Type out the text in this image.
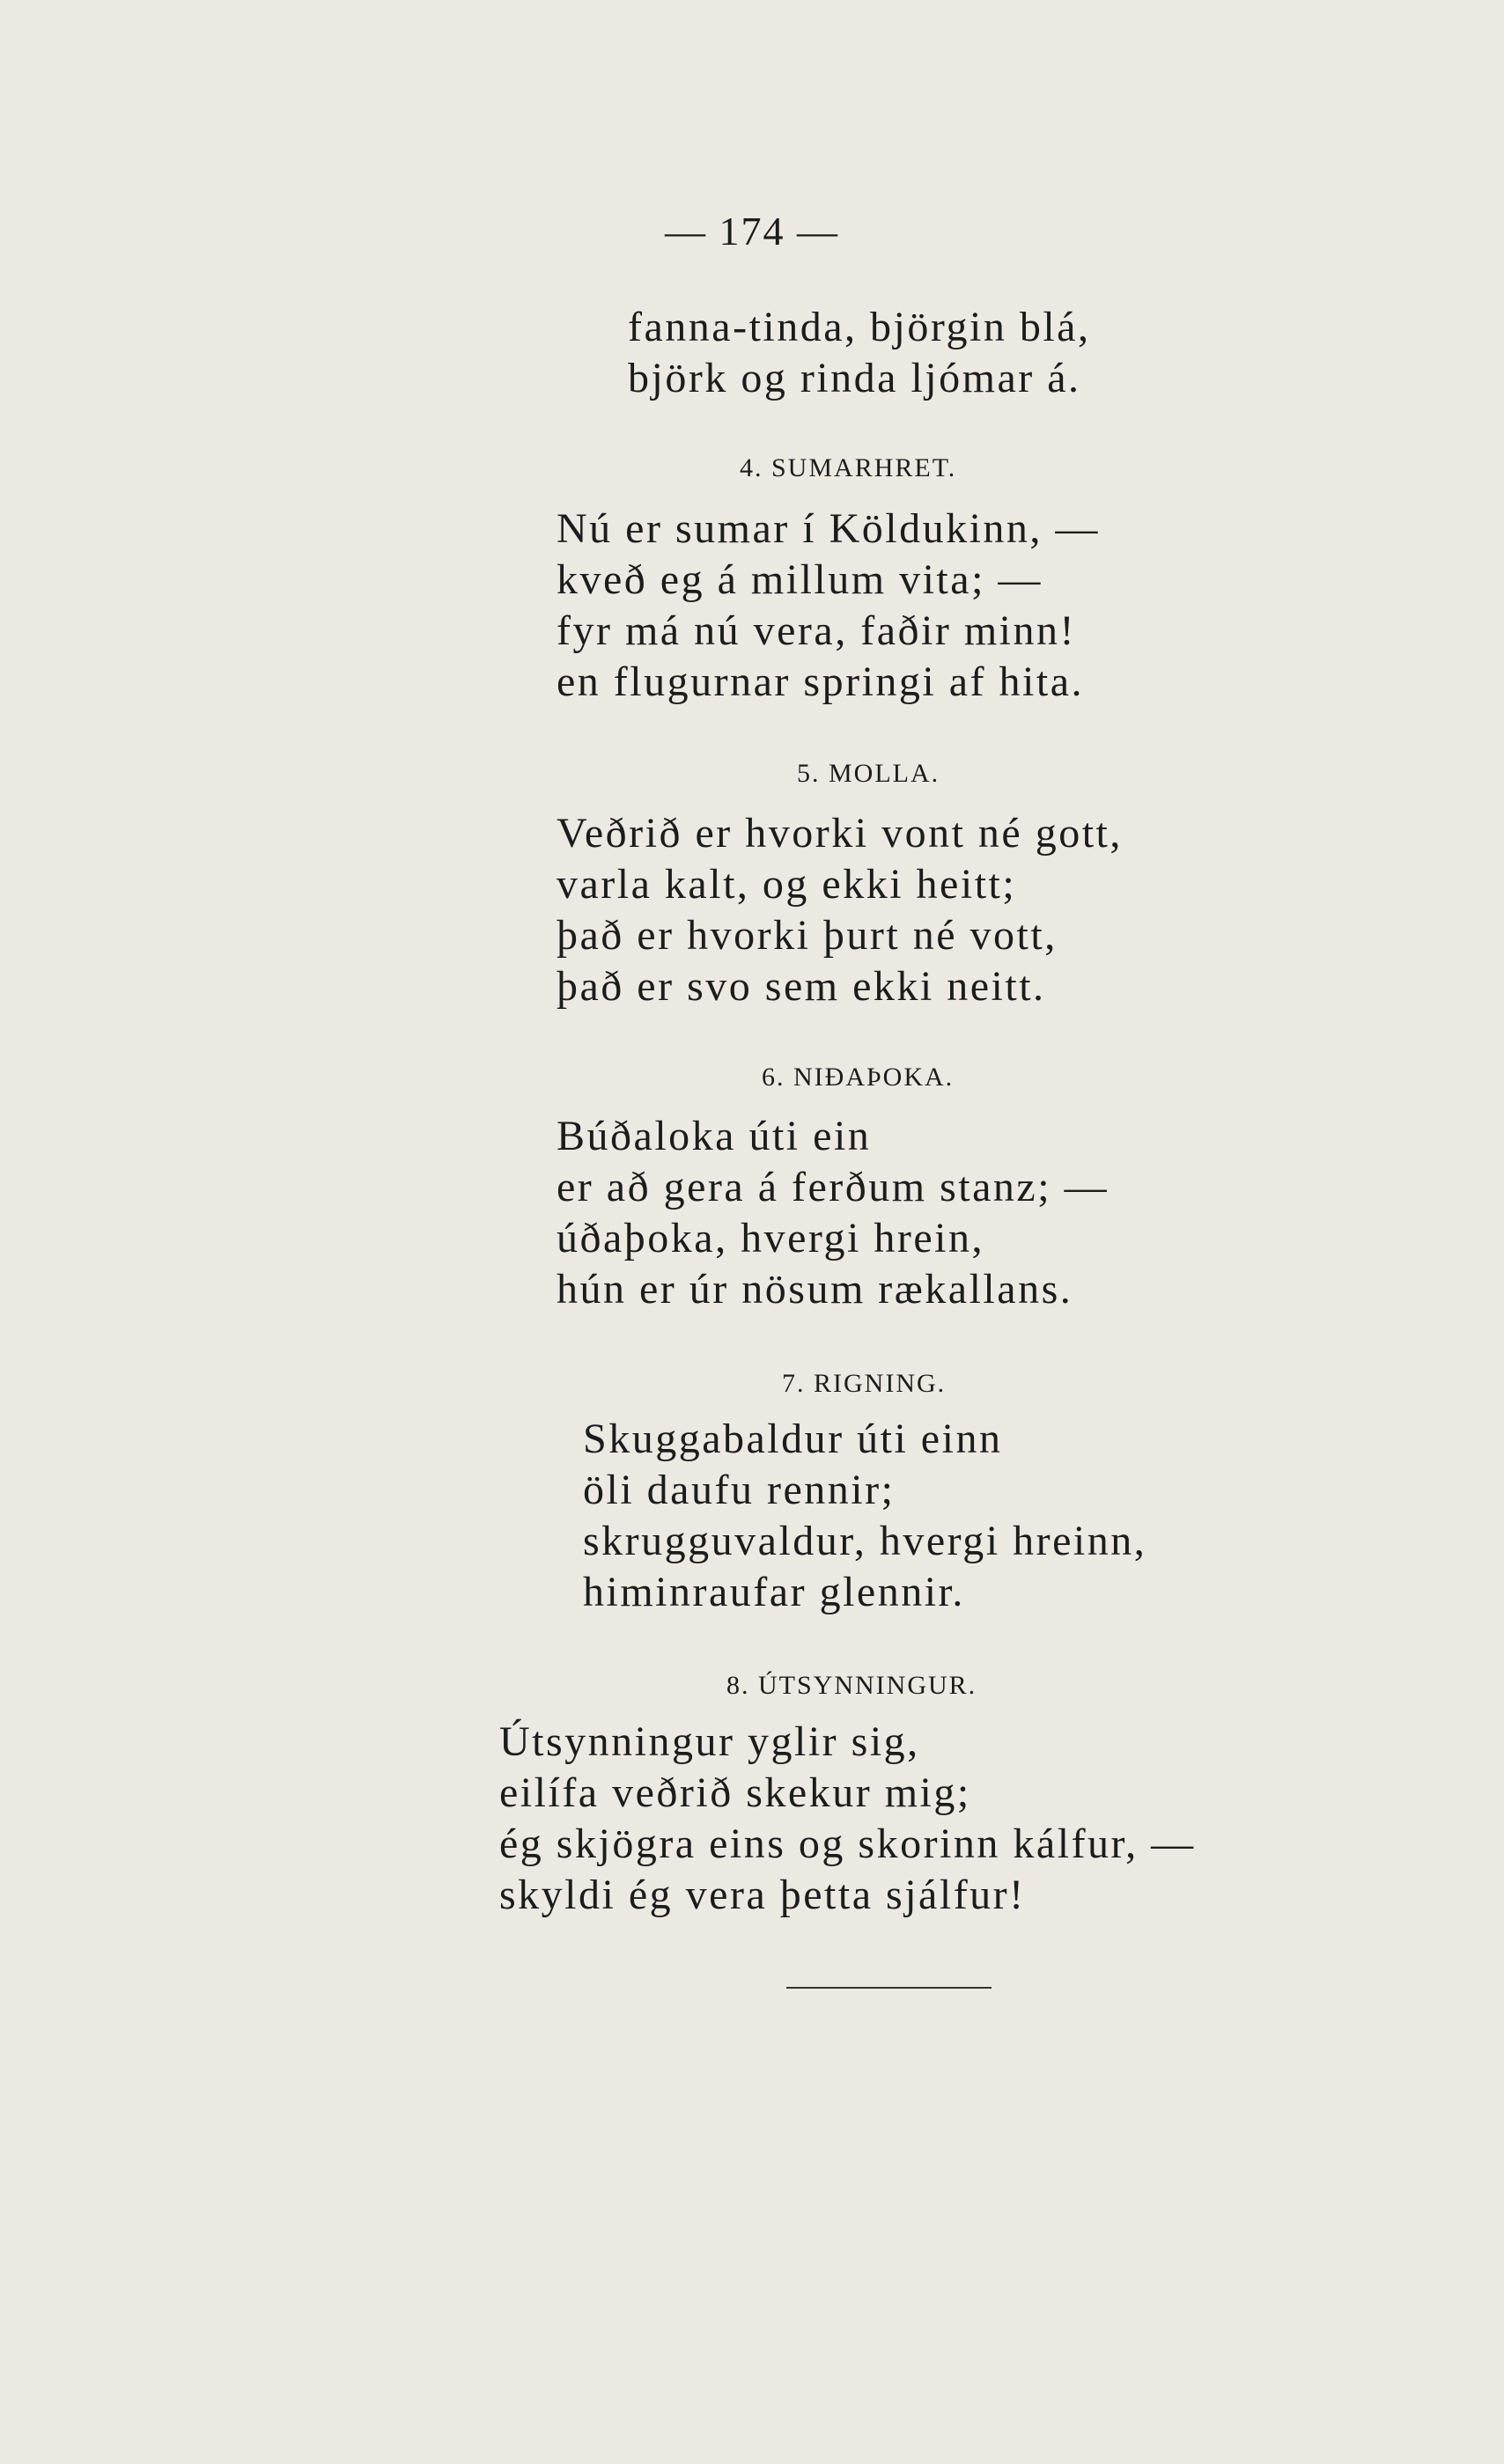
— 174 —
fanna-tinda, björgin blá,
björk og rinda ljómar á.
4. SUMARHRET.
Nú er sumar í Köldukinn, —
kveð eg á millum vita; —
fyr má nú vera, faðir minn!
en flugurnar springi af hita.
5. MOLLA.
Veðrið er hvorki vont né gott,
varla kalt, og ekki heitt;
það er hvorki þurt né vott,
það er svo sem ekki neitt.
6. NIÐAÞOKA.
Búðaloka úti ein
er að gera á ferðum stanz; —
úðaþoka, hvergi hrein,
hún er úr nösum rækallans.
7. RIGNING.
Skuggabaldur úti einn
öli daufu rennir;
skrugguvaldur, hvergi hreinn,
himinraufar glennir.
8. ÚTSYNNINGUR.
Útsynningur yglir sig,
eilífa veðrið skekur mig;
ég skjögra eins og skorinn kálfur, —
skyldi ég vera þetta sjálfur!
